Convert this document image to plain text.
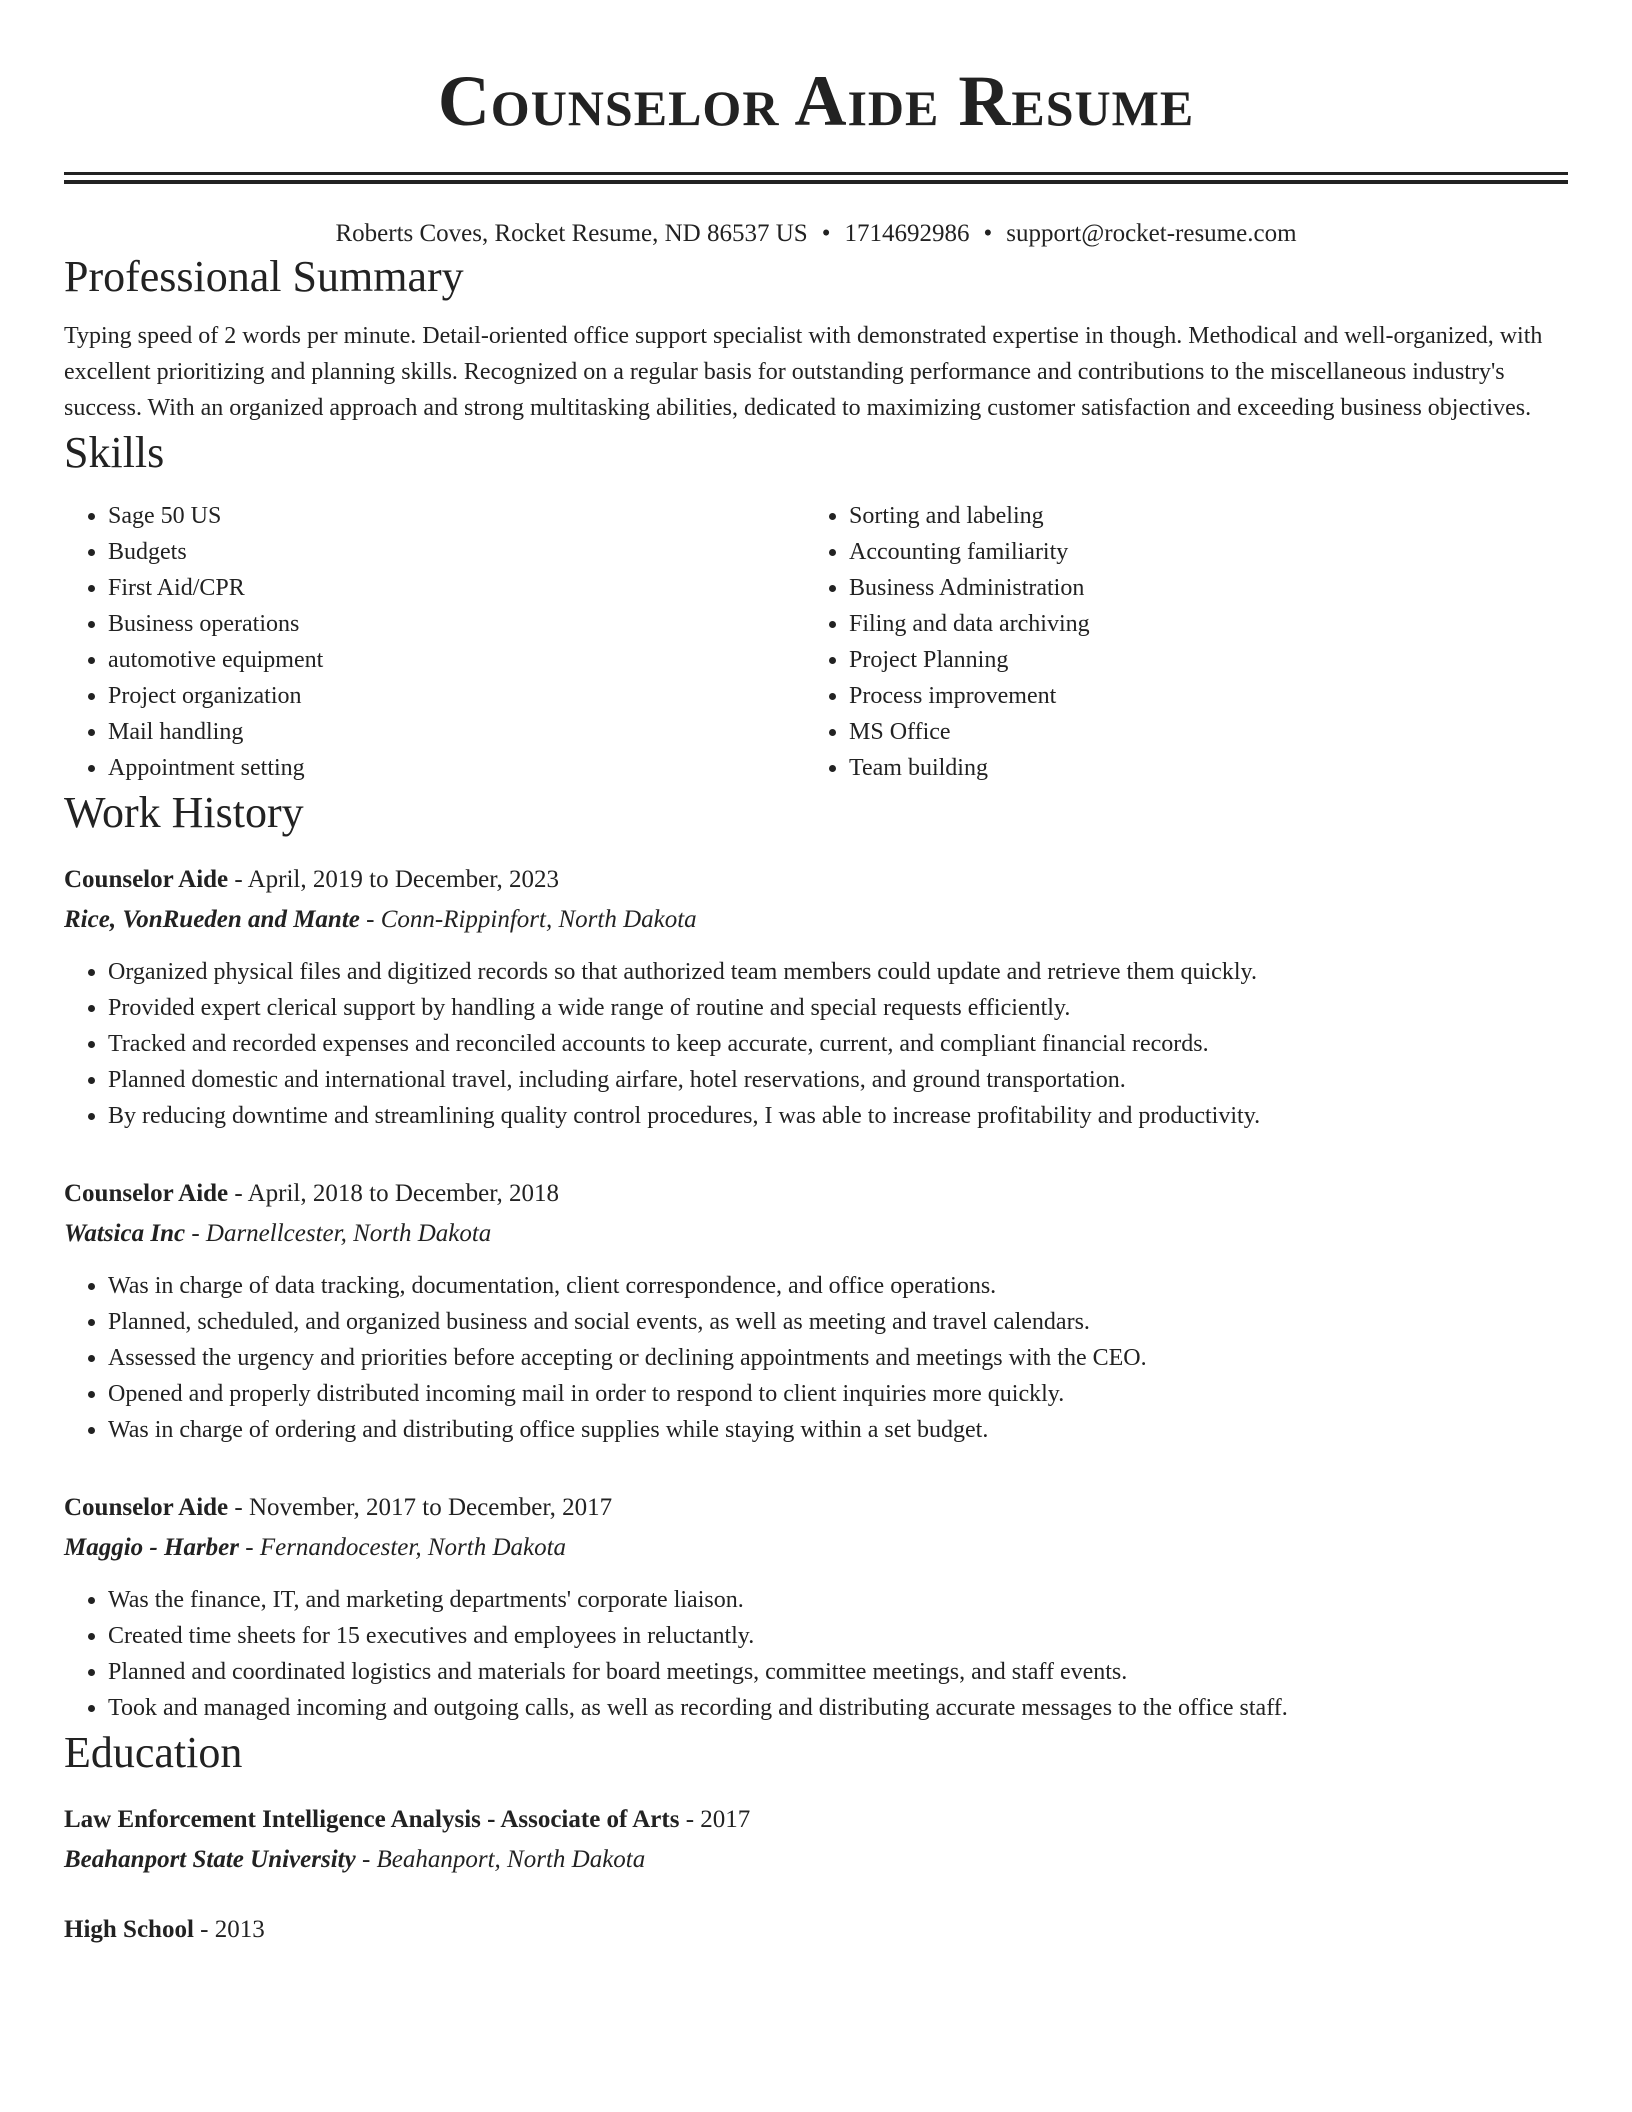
Counselor Aide Resume
Roberts Coves, Rocket Resume, ND 86537 US • 1714692986 • support@rocket-resume.com
Professional Summary
Typing speed of 2 words per minute. Detail-oriented office support specialist with demonstrated expertise in though. Methodical and well-organized, with excellent prioritizing and planning skills. Recognized on a regular basis for outstanding performance and contributions to the miscellaneous industry's success. With an organized approach and strong multitasking abilities, dedicated to maximizing customer satisfaction and exceeding business objectives.
Skills
• Sage 50 US
• Budgets
• First Aid/CPR
• Business operations
• automotive equipment
• Project organization
• Mail handling
• Appointment setting
• Sorting and labeling
• Accounting familiarity
• Business Administration
• Filing and data archiving
• Project Planning
• Process improvement
• MS Office
• Team building
Work History
Counselor Aide - April, 2019 to December, 2023
Rice, VonRueden and Mante - Conn-Rippinfort, North Dakota
• Organized physical files and digitized records so that authorized team members could update and retrieve them quickly.
• Provided expert clerical support by handling a wide range of routine and special requests efficiently.
• Tracked and recorded expenses and reconciled accounts to keep accurate, current, and compliant financial records.
• Planned domestic and international travel, including airfare, hotel reservations, and ground transportation.
• By reducing downtime and streamlining quality control procedures, I was able to increase profitability and productivity.
Counselor Aide - April, 2018 to December, 2018
Watsica Inc - Darnellcester, North Dakota
• Was in charge of data tracking, documentation, client correspondence, and office operations.
• Planned, scheduled, and organized business and social events, as well as meeting and travel calendars.
• Assessed the urgency and priorities before accepting or declining appointments and meetings with the CEO.
• Opened and properly distributed incoming mail in order to respond to client inquiries more quickly.
• Was in charge of ordering and distributing office supplies while staying within a set budget.
Counselor Aide - November, 2017 to December, 2017
Maggio - Harber - Fernandocester, North Dakota
• Was the finance, IT, and marketing departments' corporate liaison.
• Created time sheets for 15 executives and employees in reluctantly.
• Planned and coordinated logistics and materials for board meetings, committee meetings, and staff events.
• Took and managed incoming and outgoing calls, as well as recording and distributing accurate messages to the office staff.
Education
Law Enforcement Intelligence Analysis - Associate of Arts - 2017
Beahanport State University - Beahanport, North Dakota
High School - 2013
